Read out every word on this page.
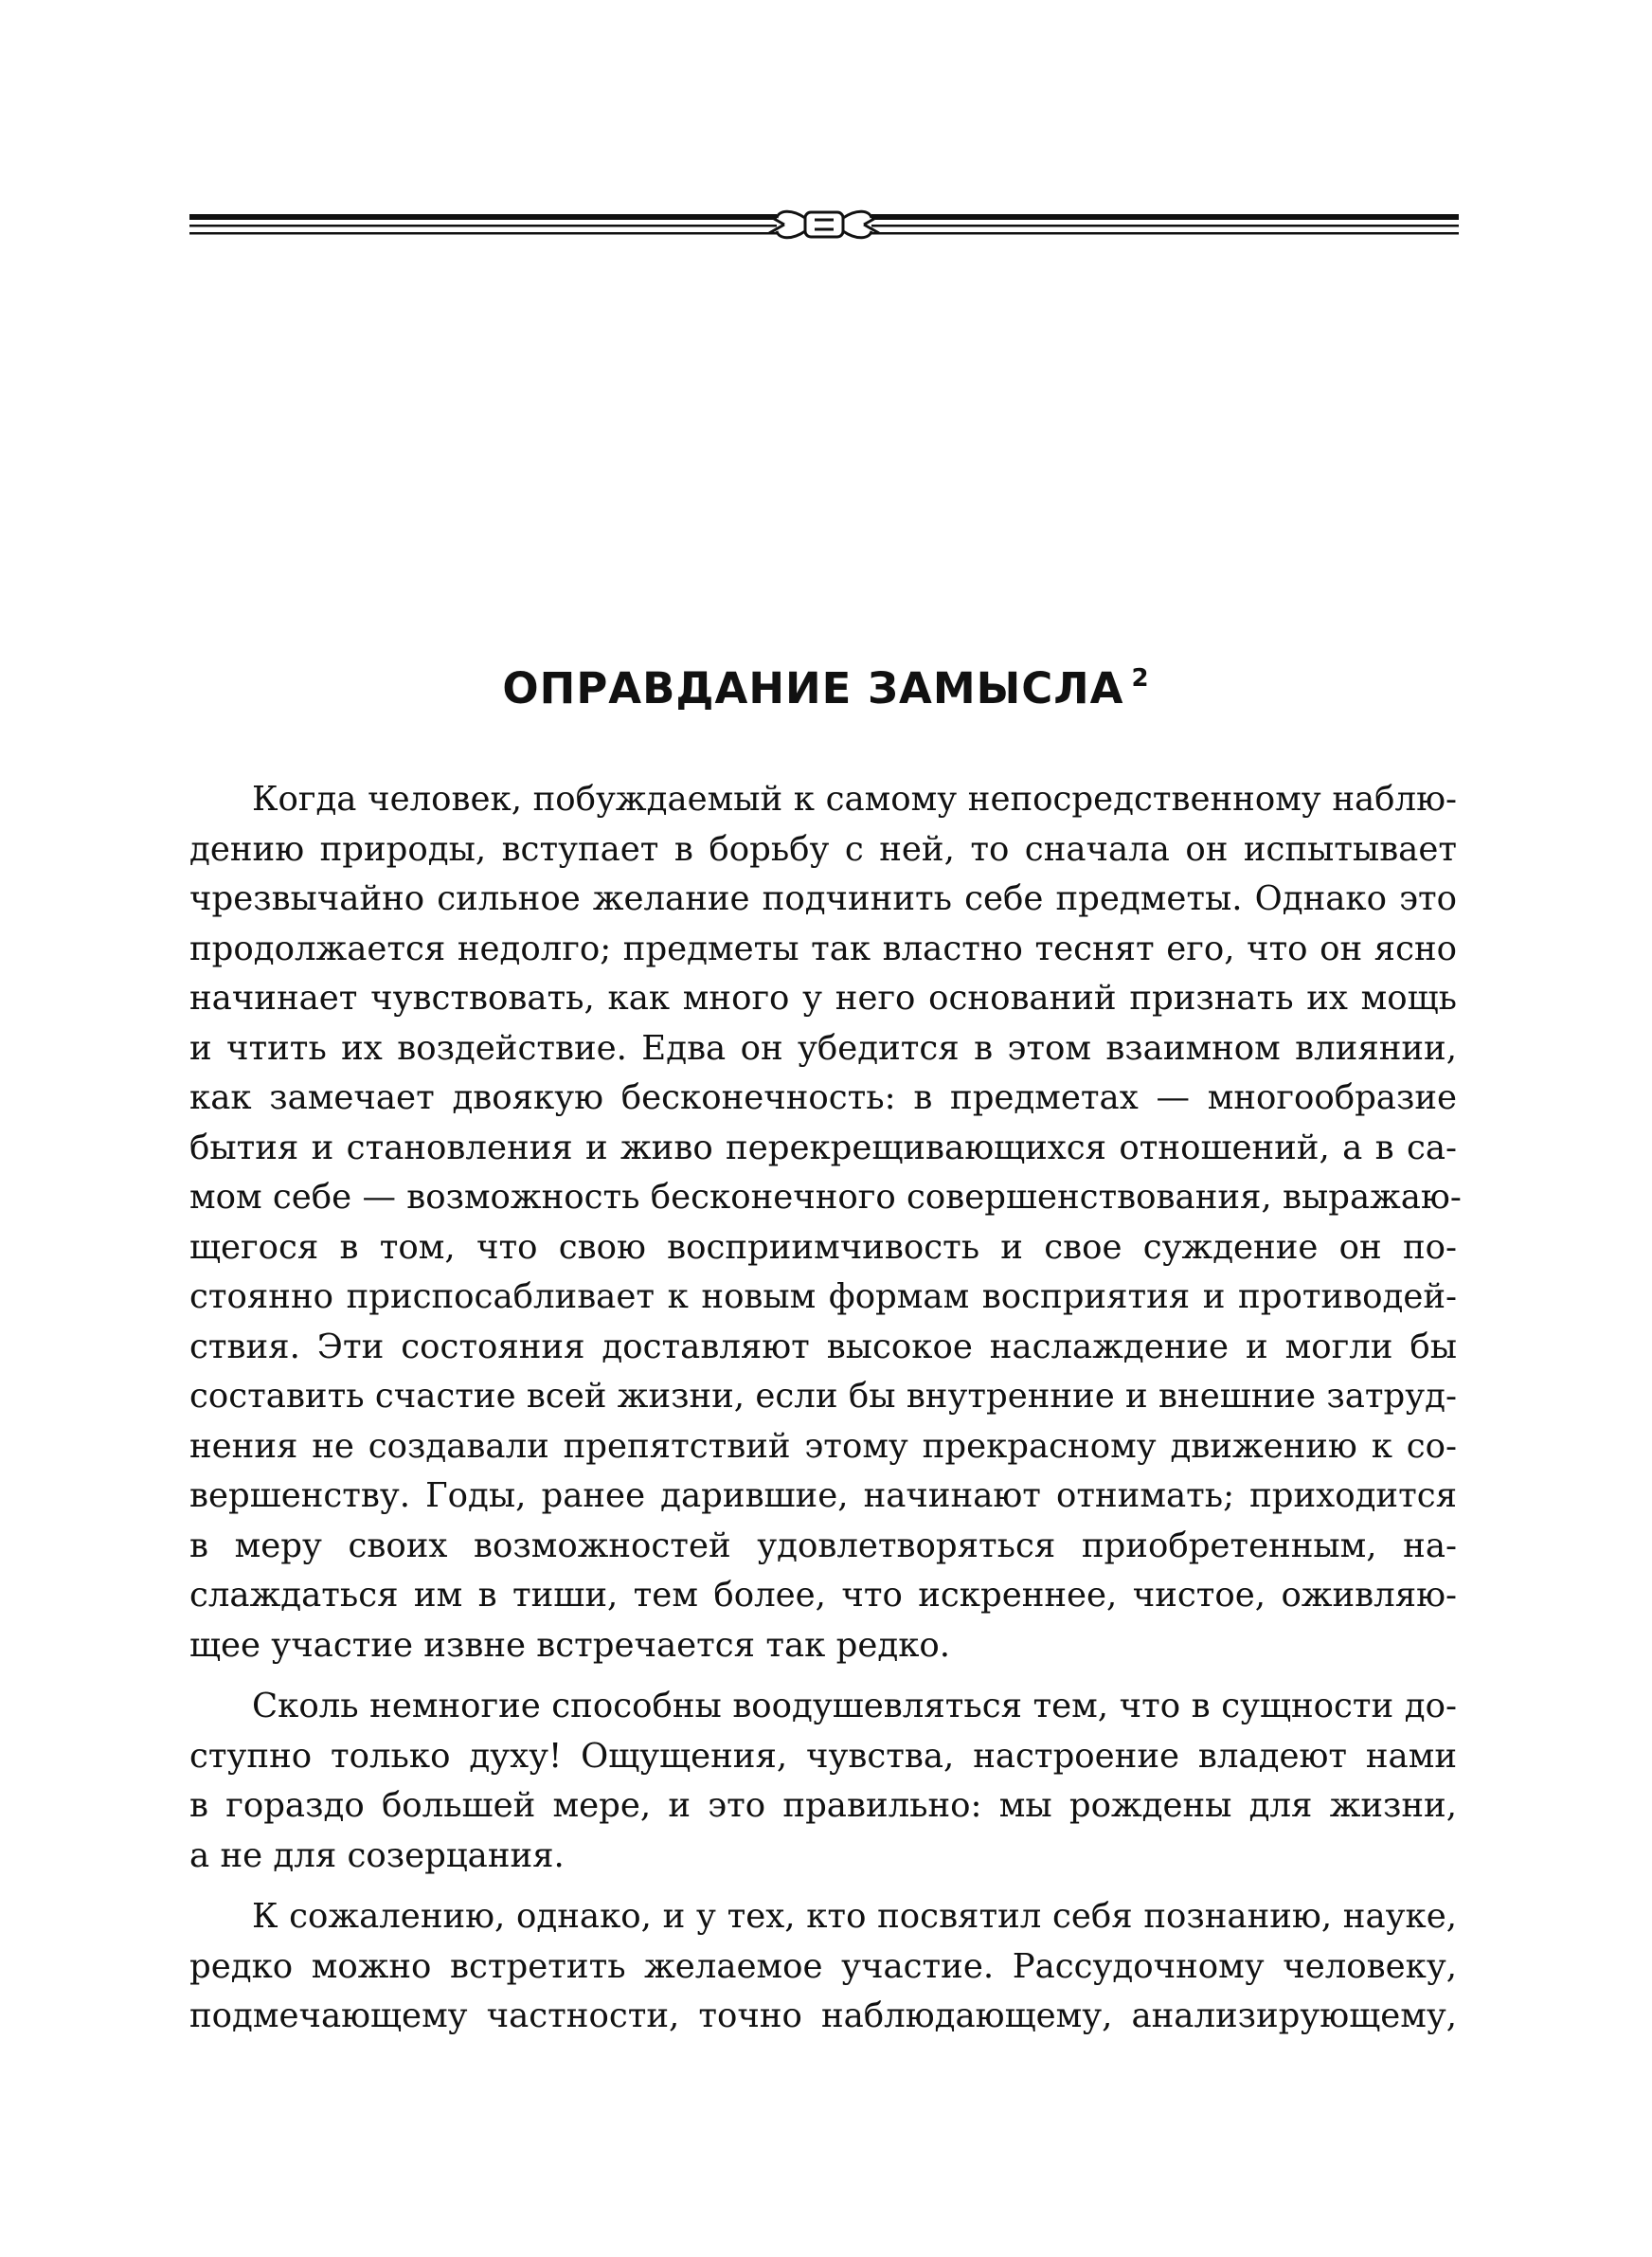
ОПРАВДАНИЕ ЗАМЫСЛА $^2$
Когда человек, побуждаемый к самому непосредственному наблю-
дению природы, вступает в борьбу с ней, то сначала он испытывает
чрезвычайно сильное желание подчинить себе предметы. Однако это
продолжается недолго; предметы так властно теснят его, что он ясно
начинает чувствовать, как много у него оснований признать их мощь
и чтить их воздействие. Едва он убедится в этом взаимном влиянии,
как замечает двоякую бесконечность: в предметах — многообразие
бытия и становления и живо перекрещивающихся отношений, а в са-
мом себе — возможность бесконечного совершенствования, выражаю-
щегося в том, что свою восприимчивость и свое суждение он по-
стоянно приспосабливает к новым формам восприятия и противодей-
ствия. Эти состояния доставляют высокое наслаждение и могли бы
составить счастие всей жизни, если бы внутренние и внешние затруд-
нения не создавали препятствий этому прекрасному движению к со-
вершенству. Годы, ранее дарившие, начинают отнимать; приходится
в меру своих возможностей удовлетворяться приобретенным, на-
слаждаться им в тиши, тем более, что искреннее, чистое, оживляю-
щее участие извне встречается так редко.
Сколь немногие способны воодушевляться тем, что в сущности до-
ступно только духу! Ощущения, чувства, настроение владеют нами
в гораздо большей мере, и это правильно: мы рождены для жизни,
а не для созерцания.
К сожалению, однако, и у тех, кто посвятил себя познанию, науке,
редко можно встретить желаемое участие. Рассудочному человеку,
подмечающему частности, точно наблюдающему, анализирующему,
